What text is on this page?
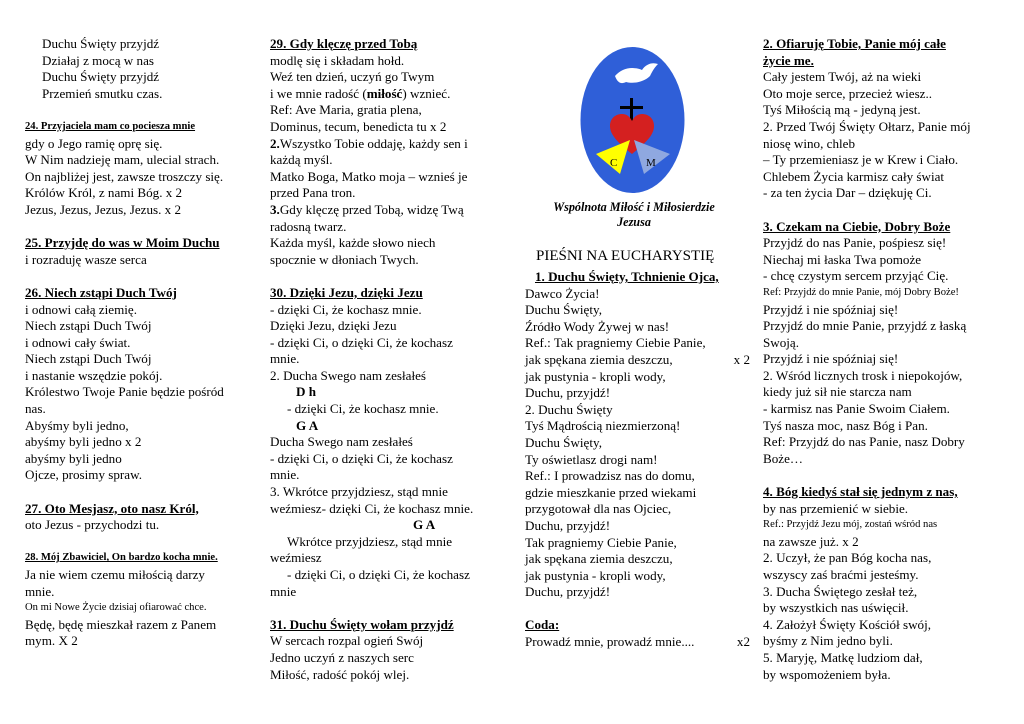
Duchu Święty przyjdź
Działaj z mocą w nas
Duchu Święty przyjdź
Przemień smutku czas.
24. Przyjaciela mam co pociesza mnie
gdy o Jego ramię oprę się.
W Nim nadzieję mam, ulecial strach.
On najbliżej jest, zawsze troszczy się.
Królów Król, z nami Bóg. x 2
Jezus, Jezus, Jezus, Jezus. x 2
25. Przyjdę do was w Moim Duchu
i rozraduję wasze serca
26. Niech zstąpi Duch Twój
i odnowi całą ziemię.
Niech zstąpi Duch Twój
i odnowi cały świat.
Niech zstąpi Duch Twój
i nastanie wszędzie pokój.
Królestwo Twoje Panie będzie pośród
nas.
Abyśmy byli jedno,
abyśmy byli jedno x 2
abyśmy byli jedno
Ojcze, prosimy spraw.
27. Oto Mesjasz, oto nasz Król,
oto Jezus - przychodzi tu.
28. Mój Zbawiciel, On bardzo kocha mnie.
Ja nie wiem czemu miłością darzy
mnie.
On mi Nowe Życie dzisiaj ofiarować chce.
Będę, będę mieszkał razem z Panem
mym. X 2
29. Gdy klęczę przed Tobą
modlę się i składam hołd.
Weź ten dzień, uczyń go Twym
i we mnie radość (miłość) wznieć.
Ref: Ave Maria, gratia plena,
Dominus, tecum, benedicta tu x 2
2.Wszystko Tobie oddaję, każdy sen i
każdą myśl.
Matko Boga, Matko moja – wznieś je
przed Pana tron.
3.Gdy klęczę przed Tobą, widzę Twą
radosną twarz.
Każda myśl, każde słowo niech
spocznie w dłoniach Twych.
30. Dzięki Jezu, dzięki Jezu
- dzięki Ci, że kochasz mnie.
Dzięki Jezu, dzięki Jezu
- dzięki Ci, o dzięki Ci, że kochasz
mnie.
2. Ducha Swego nam zesłałeś
D h
- dzięki Ci, że kochasz mnie.
G A
Ducha Swego nam zesłałeś
- dzięki Ci, o dzięki Ci, że kochasz
mnie.
3. Wkrótce przyjdziesz, stąd mnie
weźmiesz- dzięki Ci, że kochasz mnie.
G A
Wkrótce przyjdziesz, stąd mnie
weźmiesz
- dzięki Ci, o dzięki Ci, że kochasz
mnie
31. Duchu Święty wołam przyjdź
W sercach rozpal ogień Swój
Jedno uczyń z naszych serc
Miłość, radość pokój wlej.
C	M
Wspólnota Miłość i Miłosierdzie
Jezusa
PIEŚNI NA EUCHARYSTIĘ
1. Duchu Święty, Tchnienie Ojca,
Dawco Życia!
Duchu Święty,
Źródło Wody Żywej w nas!
Ref.: Tak pragniemy Ciebie Panie,
jak spękana ziemia deszczu,	x 2
jak pustynia - kropli wody,
Duchu, przyjdź!
2. Duchu Święty
Tyś Mądrością niezmierzoną!
Duchu Święty,
Ty oświetlasz drogi nam!
Ref.: I prowadzisz nas do domu,
gdzie mieszkanie przed wiekami
przygotował dla nas Ojciec,
Duchu, przyjdź!
Tak pragniemy Ciebie Panie,
jak spękana ziemia deszczu,
jak pustynia - kropli wody,
Duchu, przyjdź!
Coda:
Prowadź mnie, prowadź mnie....	x2
2. Ofiaruję Tobie, Panie mój całe
życie me.
Cały jestem Twój, aż na wieki
Oto moje serce, przecież wiesz..
Tyś Miłością mą - jedyną jest.
2. Przed Twój Święty Ołtarz, Panie mój
niosę wino, chleb
– Ty przemieniasz je w Krew i Ciało.
Chlebem Życia karmisz cały świat
- za ten życia Dar – dziękuję Ci.
3. Czekam na Ciebie, Dobry Boże
Przyjdź do nas Panie, pośpiesz się!
Niechaj mi łaska Twa pomoże
- chcę czystym sercem przyjąć Cię.
Ref: Przyjdź do mnie Panie, mój Dobry Boże!
Przyjdź i nie spóźniaj się!
Przyjdź do mnie Panie, przyjdź z łaską
Swoją.
Przyjdź i nie spóźniaj się!
2. Wśród licznych trosk i niepokojów,
kiedy już sił nie starcza nam
- karmisz nas Panie Swoim Ciałem.
Tyś nasza moc, nasz Bóg i Pan.
Ref: Przyjdź do nas Panie, nasz Dobry
Boże…
4. Bóg kiedyś stał się jednym z nas,
by nas przemienić w siebie.
Ref.: Przyjdź Jezu mój, zostań wśród nas
na zawsze już. x 2
2. Uczył, że pan Bóg kocha nas,
wszyscy zaś braćmi jesteśmy.
3. Ducha Świętego zesłał też,
by wszystkich nas uświęcił.
4. Założył Święty Kościół swój,
byśmy z Nim jedno byli.
5. Maryję, Matkę ludziom dał,
by wspomożeniem była.
